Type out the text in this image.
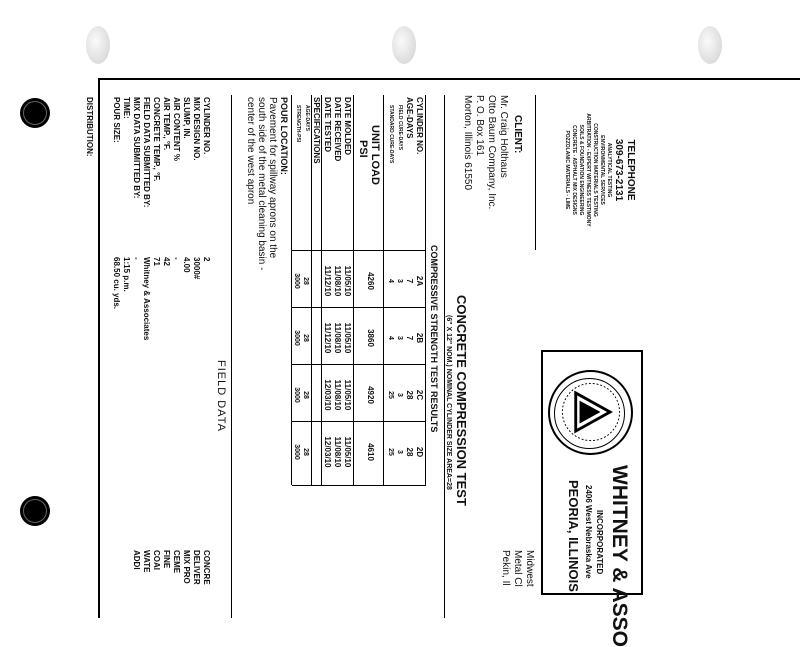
TELEPHONE
309-673-2131
ANALYTICAL TESTING
ENVIRONMENTAL SERVICES
CONSTRUCTION MATERIALS TESTING
ARBITRATION - EXPERT WITNESS TESTIMONY
SOILS & FOUNDATION ENGINEERING
CONCRETE - ASPHALT MIX DESIGNS
POZZOLANIC MATERIALS - LIME
CLIENT:
Mr. Craig Holthaus
Otto Baum Company, Inc.
P. O. Box 161
Morton, Illinois 61550
WHITNEY & ASSO
INCORPORATED
2406 West Nebraska Ave
PEORIA, ILLINOIS
Midwest
Metal Cl
Pekin, Il
CONCRETE COMPRESSION TEST
(6" X 12" NOM.) NOMINAL CYLINDER SIZE AREA=28
COMPRESSIVE STRENGTH TEST RESULTS
CYLINDER NO.
AGE-DAYS
FIELD CURE-DAYS
STANDARD CURE-DAYS
UNIT LOAD
PSI
DATE MOLDED
DATE RECEIVED
DATE TESTED
SPECIFICATIONS
AGE-DAYS
STRENGTH-PSI
2A
7
3
4
4260
11/05/10
11/08/10
11/12/10
28
3000
2B
7
3
4
3860
11/05/10
11/08/10
11/12/10
28
3000
2C
28
3
25
4920
11/05/10
11/08/10
12/03/10
28
3000
2D
28
3
25
4610
11/05/10
11/08/10
12/03/10
28
3000
POUR LOCATION:
Pavement for spillway aprons on the
south side of the metal cleaning basin -
center of the west apron
FIELD DATA
CYLINDER NO.
2
MIX DESIGN NO.
3000#
SLUMP, IN.
4.00
AIR CONTENT %
-
AIR TEMP., °F.
42
CONCRETE TEMP., °F.
71
FIELD DATA SUBMITTED BY:
Whitney & Associates
MIX DATA SUBMITTED BY:
-
TIME:
1:15 p.m.
POUR SIZE:
68.50 cu. yds.
CONCRE
DELIVER
MIX PRO
CEME
FINE
COAI
WATE
ADDI
DISTRIBUTION:
